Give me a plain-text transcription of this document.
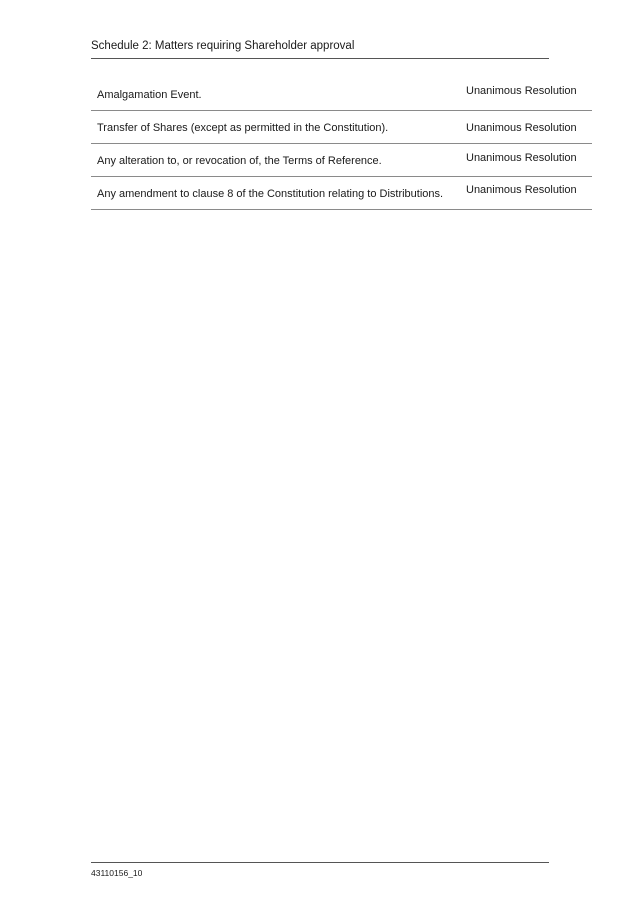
Schedule 2: Matters requiring Shareholder approval
Amalgamation Event.	Unanimous Resolution
Transfer of Shares (except as permitted in the Constitution).	Unanimous Resolution
Any alteration to, or revocation of, the Terms of Reference.	Unanimous Resolution
Any amendment to clause 8 of the Constitution relating to Distributions. Unanimous Resolution
43110156_10
